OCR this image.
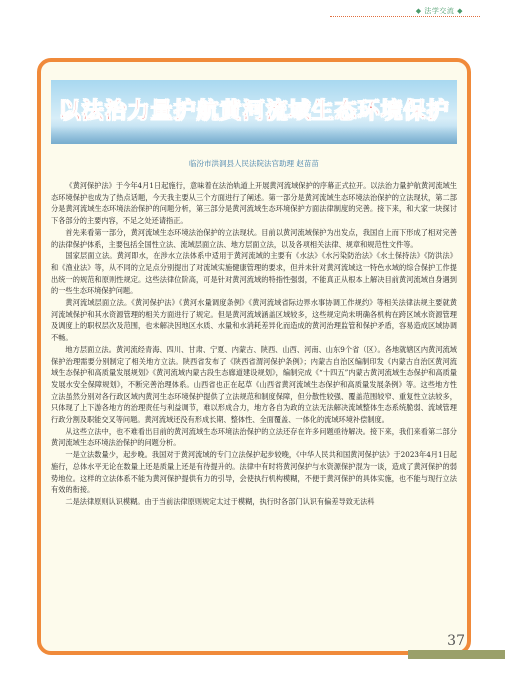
◆ 法学交流 ◆
以法治力量护航黄河流域生态环境保护
临汾市洪洞县人民法院法官助理 赵苗苗

《黄河保护法》于今年4月1日起施行，意味着在法治轨道上开展黄河流域保护的序幕正式拉开。以法治力量护航黄河流域生态环境保护也成为了热点话题，今天我主要从三个方面进行了阐述。第一部分是黄河流域生态环境法治保护的立法现状，第二部分是黄河流域生态环境法治保护的问题分析，第三部分是黄河流域生态环境保护方面法律制度的完善。接下来，和大家一块探讨下各部分的主要内容，不足之处还请指正。

首先来看第一部分，黄河流域生态环境法治保护的立法现状。目前以黄河流域保护为出发点，我国自上而下形成了相对完善的法律保护体系，主要包括全国性立法、流域层面立法、地方层面立法，以及各项相关法律、规章和规范性文件等。

国家层面立法。黄河即水，在涉水立法体系中适用于黄河流域的主要有《水法》《水污染防治法》《水土保持法》《防洪法》和《渔业法》等，从不同的立足点分别提出了对流域实施健康管理的要求，但并未针对黄河流域这一特色水域的综合保护工作提出统一的规范和原则性规定。这些法律位阶高，可是针对黄河流域的特指性强弱，不能真正从根本上解决目前黄河流域自身遇到的一些生态环境保护问题。

黄河流域层面立法。《黄河保护法》《黄河水量调度条例》《黄河流域省际边界水事协调工作规约》等相关法律法规主要就黄河流域保护和其水资源管理的相关方面进行了规定。但是黄河流域涵盖区域较多，这些规定尚未明确各机构在跨区域水资源管理及调度上的职权层次及范围，也未解决因地区水质、水量和水消耗差异化而造成的黄河治理监管和保护矛盾，容易造成区域协调不畅。

地方层面立法。黄河流经青海、四川、甘肃、宁夏、内蒙古、陕西、山西、河南、山东9个省（区）。各地就辖区内黄河流域保护治理需要分别制定了相关地方立法。陕西省发布了《陕西省渭河保护条例》；内蒙古自治区编制印发《内蒙古自治区黄河流域生态保护和高质量发展规划》《黄河流域内蒙古段生态廊道建设规划》，编制完成《“十四五”内蒙古黄河流域生态保护和高质量发展水安全保障规划》，不断完善治理体系。山西省也正在起草《山西省黄河流域生态保护和高质量发展条例》等。这些地方性立法虽然分别对各行政区域内黄河生态环境保护提供了立法规范和制度保障，但分散性较强、覆盖范围较窄、重复性立法较多，只体现了上下游各地方的治理责任与利益调节，难以形成合力，地方各自为政的立法无法解决流域整体生态系统脆弱、流域管理行政分割及职能交叉等问题。黄河流域还没有形成长期、整体性、全面覆盖、一体化的流域环境补偿制度。

从这些立法中，也不难看出目前的黄河流域生态环境法治保护的立法还存在许多问题亟待解决。接下来，我们来看第二部分黄河流域生态环境法治保护的问题分析。

一是立法数量少，起步晚。我国对于黄河流域的专门立法保护起步较晚，《中华人民共和国黄河保护法》于2023年4月1日起施行，总体水平无论在数量上还是质量上还是有待提升的。法律中有时将黄河保护与水资源保护混为一谈，造成了黄河保护的弱势地位。这样的立法体系不能为黄河保护提供有力的引导，会使执行机构模糊，不便于黄河保护的具体实施，也不能与现行立法有效的衔接。

二是法律原则认识模糊。由于当前法律原则规定太过于模糊，执行时各部门认识有偏差导致无法科

37
